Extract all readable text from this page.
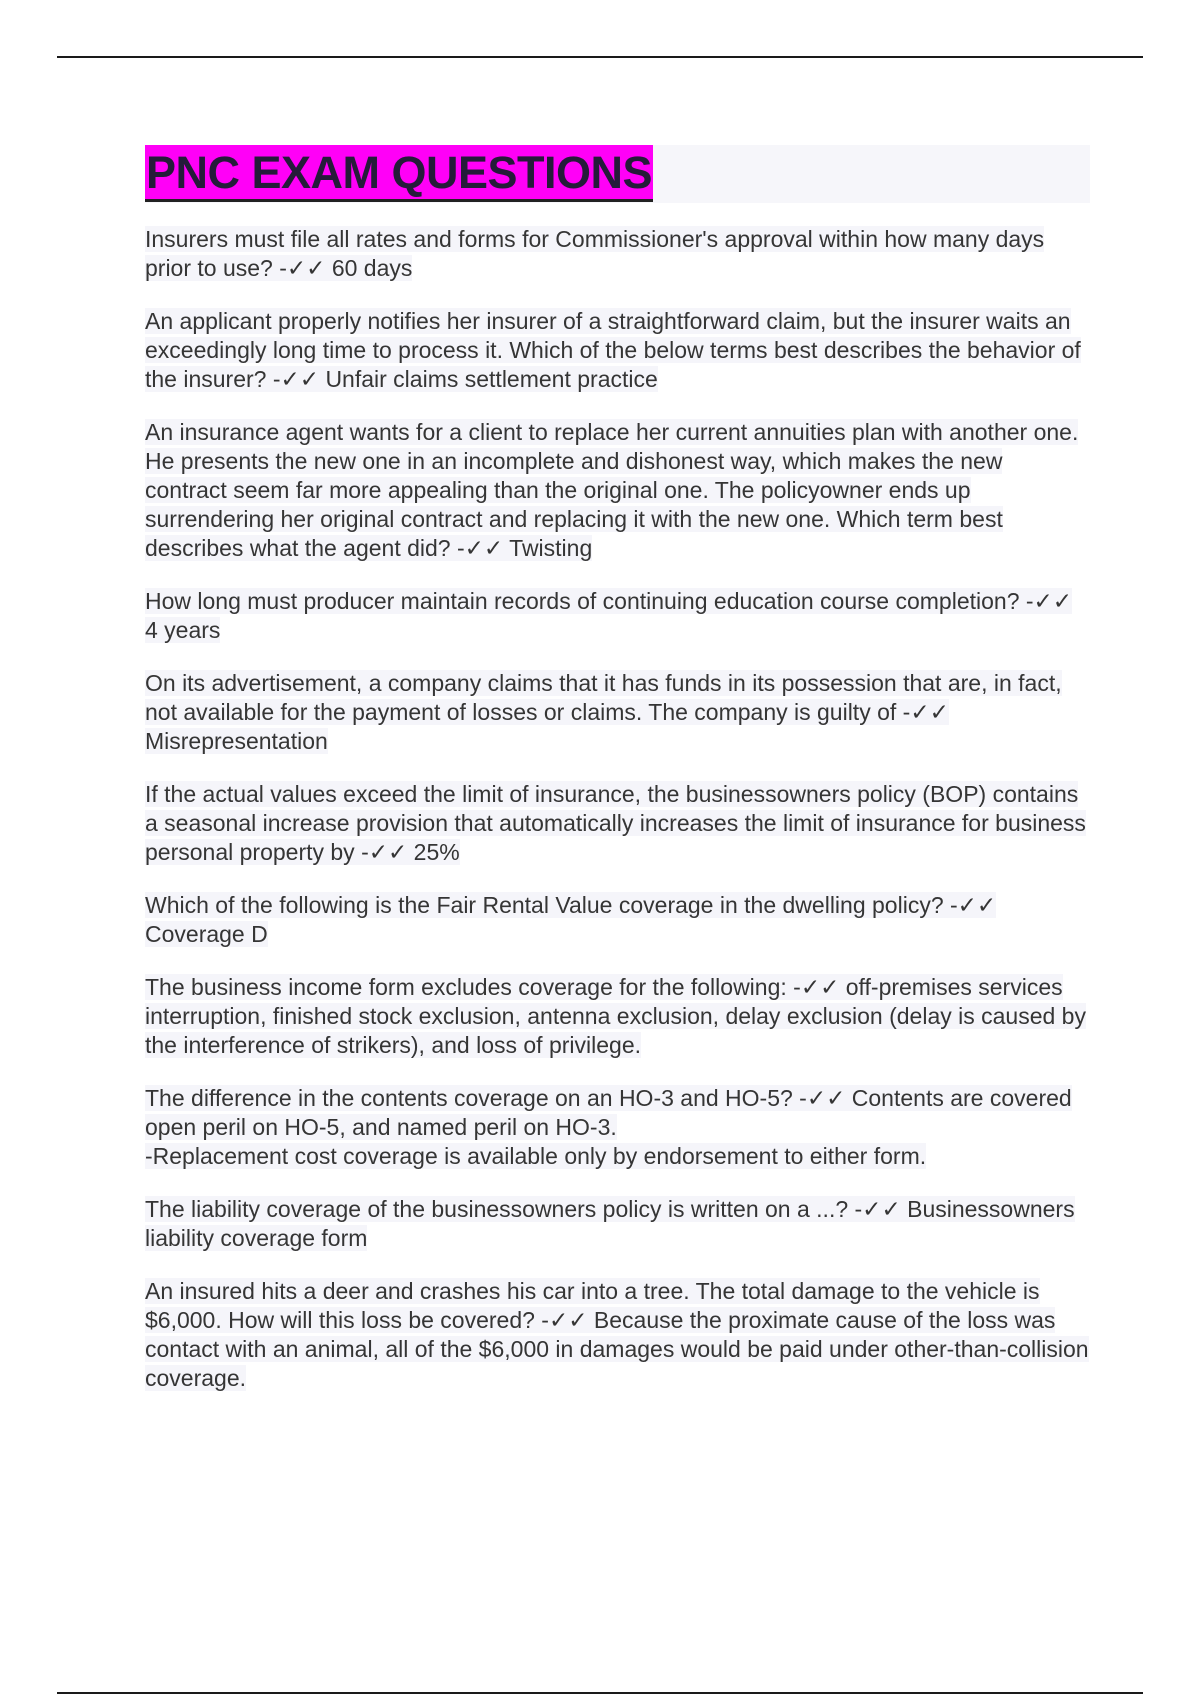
PNC EXAM QUESTIONS
Insurers must file all rates and forms for Commissioner's approval within how many days prior to use? -✓✓ 60 days
An applicant properly notifies her insurer of a straightforward claim, but the insurer waits an exceedingly long time to process it. Which of the below terms best describes the behavior of the insurer? -✓✓ Unfair claims settlement practice
An insurance agent wants for a client to replace her current annuities plan with another one. He presents the new one in an incomplete and dishonest way, which makes the new contract seem far more appealing than the original one. The policyowner ends up surrendering her original contract and replacing it with the new one. Which term best describes what the agent did? -✓✓ Twisting
How long must producer maintain records of continuing education course completion? -✓✓ 4 years
On its advertisement, a company claims that it has funds in its possession that are, in fact, not available for the payment of losses or claims. The company is guilty of -✓✓ Misrepresentation
If the actual values exceed the limit of insurance, the businessowners policy (BOP) contains a seasonal increase provision that automatically increases the limit of insurance for business personal property by -✓✓ 25%
Which of the following is the Fair Rental Value coverage in the dwelling policy? -✓✓ Coverage D
The business income form excludes coverage for the following: -✓✓ off-premises services interruption, finished stock exclusion, antenna exclusion, delay exclusion (delay is caused by the interference of strikers), and loss of privilege.
The difference in the contents coverage on an HO-3 and HO-5? -✓✓ Contents are covered open peril on HO-5, and named peril on HO-3.
-Replacement cost coverage is available only by endorsement to either form.
The liability coverage of the businessowners policy is written on a ...? -✓✓ Businessowners liability coverage form
An insured hits a deer and crashes his car into a tree. The total damage to the vehicle is $6,000. How will this loss be covered? -✓✓ Because the proximate cause of the loss was contact with an animal, all of the $6,000 in damages would be paid under other-than-collision coverage.
